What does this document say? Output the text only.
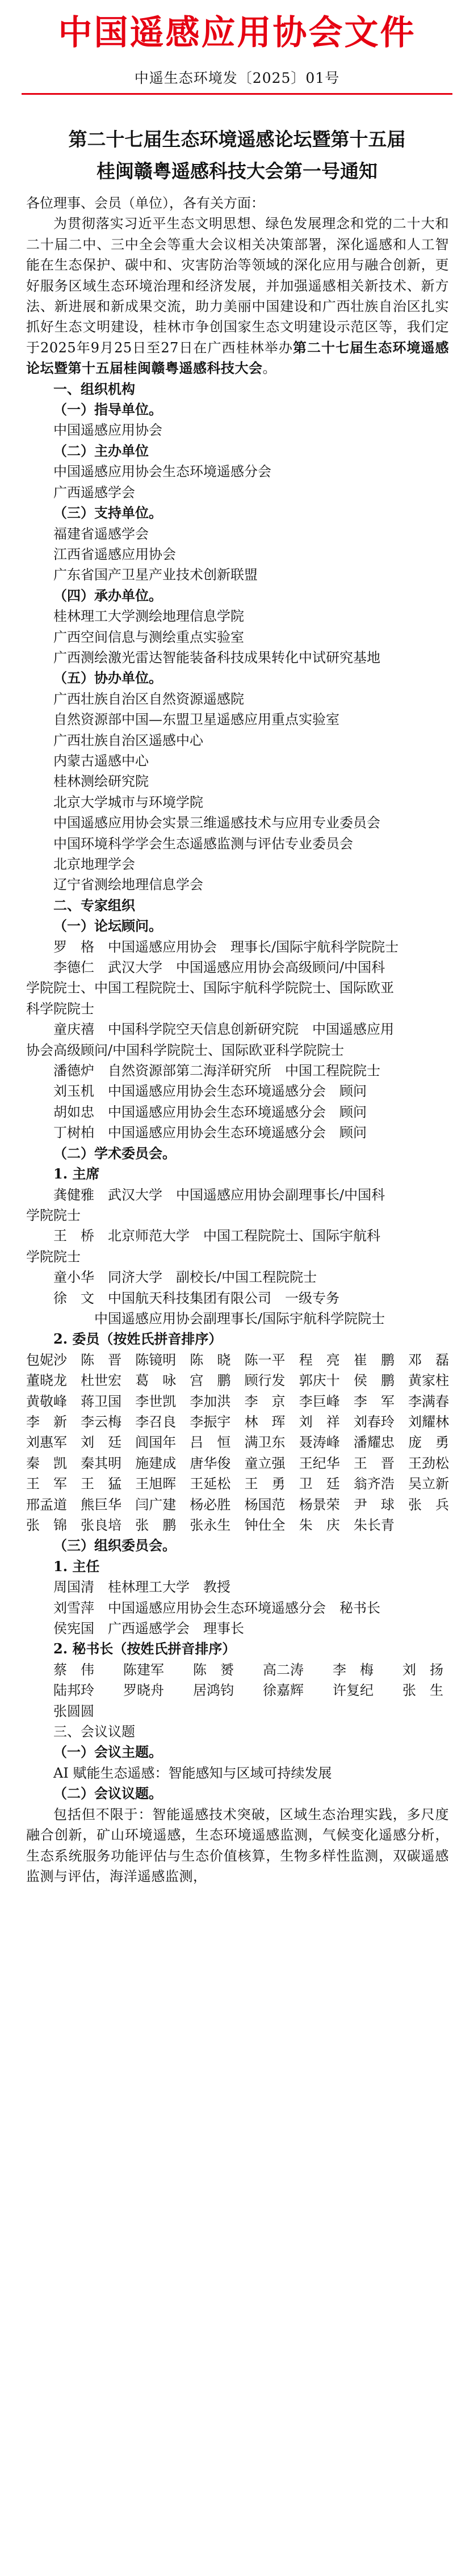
中国遥感应用协会文件
中遥生态环境发〔2025〕01号
第二十七届生态环境遥感论坛暨第十五届
桂闽赣粤遥感科技大会第一号通知

各位理事、会员（单位），各有关方面：

为贯彻落实习近平生态文明思想、绿色发展理念和党的二十大和二十届二中、三中全会等重大会议相关决策部署，深化遥感和人工智能在生态保护、碳中和、灾害防治等领域的深化应用与融合创新，更好服务区域生态环境治理和经济发展，并加强遥感相关新技术、新方法、新进展和新成果交流，助力美丽中国建设和广西壮族自治区扎实抓好生态文明建设，桂林市争创国家生态文明建设示范区等，我们定于2025年9月25日至27日在广西桂林举办第二十七届生态环境遥感论坛暨第十五届桂闽赣粤遥感科技大会。

一、组织机构

（一）指导单位。

中国遥感应用协会

（二）主办单位

中国遥感应用协会生态环境遥感分会

广西遥感学会

（三）支持单位。

福建省遥感学会

江西省遥感应用协会

广东省国产卫星产业技术创新联盟

（四）承办单位。

桂林理工大学测绘地理信息学院

广西空间信息与测绘重点实验室

广西测绘激光雷达智能装备科技成果转化中试研究基地

（五）协办单位。

广西壮族自治区自然资源遥感院

自然资源部中国—东盟卫星遥感应用重点实验室

广西壮族自治区遥感中心

内蒙古遥感中心

桂林测绘研究院

北京大学城市与环境学院

中国遥感应用协会实景三维遥感技术与应用专业委员会

中国环境科学学会生态遥感监测与评估专业委员会

北京地理学会

辽宁省测绘地理信息学会

二、专家组织

（一）论坛顾问。

罗　格　中国遥感应用协会　理事长/国际宇航科学院院士

李德仁　武汉大学　中国遥感应用协会高级顾问/中国科

学院院士、中国工程院院士、国际宇航科学院院士、国际欧亚

科学院院士

童庆禧　中国科学院空天信息创新研究院　中国遥感应用

协会高级顾问/中国科学院院士、国际欧亚科学院院士

潘德炉　自然资源部第二海洋研究所　中国工程院院士

刘玉机　中国遥感应用协会生态环境遥感分会　顾问

胡如忠　中国遥感应用协会生态环境遥感分会　顾问

丁树柏　中国遥感应用协会生态环境遥感分会　顾问

（二）学术委员会。

1. 主席

龚健雅　武汉大学　中国遥感应用协会副理事长/中国科

学院院士

王　桥　北京师范大学　中国工程院院士、国际宇航科

学院院士

童小华　同济大学　副校长/中国工程院院士

徐　文　中国航天科技集团有限公司　一级专务

　　　　　中国遥感应用协会副理事长/国际宇航科学院院士

2. 委员（按姓氏拼音排序）

包妮沙 陈　晋 陈镜明 陈　晓 陈一平 程　亮 崔　鹏 邓　磊
董晓龙 杜世宏 葛　咏 宫　鹏 顾行发 郭庆十 侯　鹏 黄家柱
黄敬峰 蒋卫国 李世凯 李加洪 李　京 李巨峰 李　军 李满春
李　新 李云梅 李召良 李振宇 林　珲 刘　祥 刘春玲 刘耀林
刘惠军 刘　廷 闾国年 吕　恒 满卫东 聂涛峰 潘耀忠 庞　勇
秦　凯 秦其明 施建成 唐华俊 童立强 王纪华 王　晋 王劲松
王　军 王　猛 王旭晖 王延松 王　勇 卫　廷 翁齐浩 吴立新
邢孟道 熊巨华 闫广建 杨必胜 杨国范 杨景荣 尹　球 张　兵
张　锦 张良培 张　鹏 张永生 钟仕全 朱　庆 朱长青

（三）组织委员会。

1. 主任

周国清　桂林理工大学　教授

刘雪萍　中国遥感应用协会生态环境遥感分会　秘书长

侯宪国　广西遥感学会　理事长

2. 秘书长（按姓氏拼音排序）

蔡　伟 陈建军 陈　赟 高二涛 李　梅 刘　扬
陆邦玲 罗晓舟 居鸿钧 徐嘉辉 许复纪 张　生
张圆圆

三、会议议题

（一）会议主题。

AI 赋能生态遥感：智能感知与区域可持续发展

（二）会议议题。

包括但不限于：智能遥感技术突破，区域生态治理实践，多尺度融合创新，矿山环境遥感，生态环境遥感监测，气候变化遥感分析，生态系统服务功能评估与生态价值核算，生物多样性监测，双碳遥感监测与评估，海洋遥感监测，
